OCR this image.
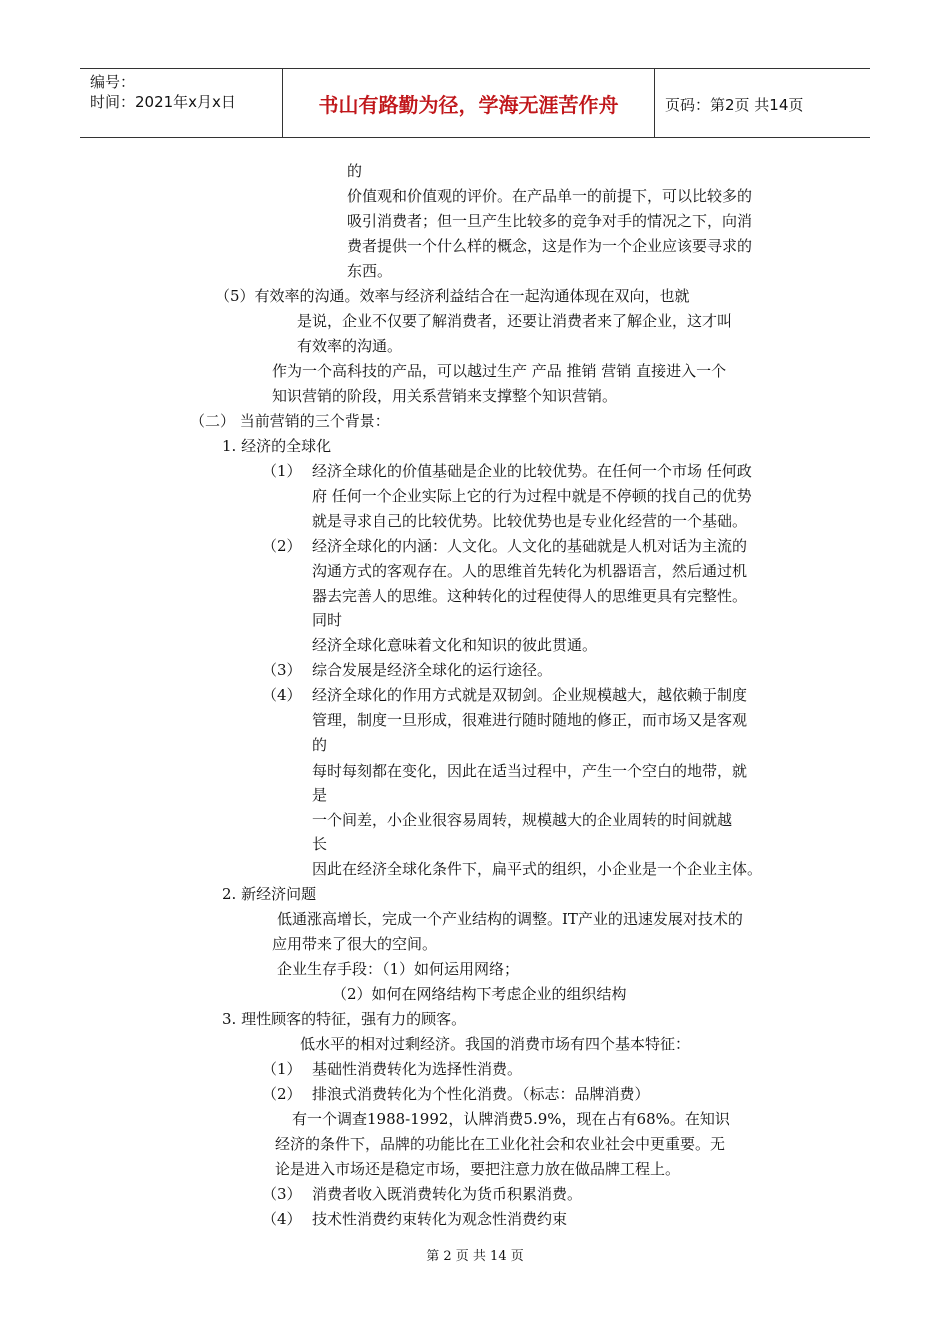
编号：
时间：2021年x月x日	书山有路勤为径，学海无涯苦作舟	页码：第2页 共14页
的
价值观和价值观的评价。在产品单一的前提下，可以比较多的
吸引消费者；但一旦产生比较多的竞争对手的情况之下，向消
费者提供一个什么样的概念，这是作为一个企业应该要寻求的
东西。
（5）有效率的沟通。效率与经济利益结合在一起沟通体现在双向，也就
是说，企业不仅要了解消费者，还要让消费者来了解企业，这才叫
有效率的沟通。
作为一个高科技的产品，可以越过生产 产品 推销 营销 直接进入一个
知识营销的阶段，用关系营销来支撑整个知识营销。
（二） 当前营销的三个背景：
1. 经济的全球化
（1） 经济全球化的价值基础是企业的比较优势。在任何一个市场 任何政
府 任何一个企业实际上它的行为过程中就是不停顿的找自己的优势
就是寻求自己的比较优势。比较优势也是专业化经营的一个基础。
（2） 经济全球化的内涵：人文化。人文化的基础就是人机对话为主流的
沟通方式的客观存在。人的思维首先转化为机器语言，然后通过机
器去完善人的思维。这种转化的过程使得人的思维更具有完整性。
同时
经济全球化意味着文化和知识的彼此贯通。
（3） 综合发展是经济全球化的运行途径。
（4） 经济全球化的作用方式就是双韧剑。企业规模越大，越依赖于制度
管理，制度一旦形成，很难进行随时随地的修正，而市场又是客观
的
每时每刻都在变化，因此在适当过程中，产生一个空白的地带，就
是
一个间差，小企业很容易周转，规模越大的企业周转的时间就越
长
因此在经济全球化条件下，扁平式的组织，小企业是一个企业主体。
2. 新经济问题
低通涨高增长，完成一个产业结构的调整。IT产业的迅速发展对技术的
应用带来了很大的空间。
企业生存手段：（1）如何运用网络；
（2）如何在网络结构下考虑企业的组织结构
3. 理性顾客的特征，强有力的顾客。
低水平的相对过剩经济。我国的消费市场有四个基本特征：
（1） 基础性消费转化为选择性消费。
（2） 排浪式消费转化为个性化消费。（标志：品牌消费）
有一个调查1988-1992，认牌消费5.9%，现在占有68%。在知识
经济的条件下，品牌的功能比在工业化社会和农业社会中更重要。无
论是进入市场还是稳定市场，要把注意力放在做品牌工程上。
（3） 消费者收入既消费转化为货币积累消费。
（4） 技术性消费约束转化为观念性消费约束
第 2 页 共 14 页
